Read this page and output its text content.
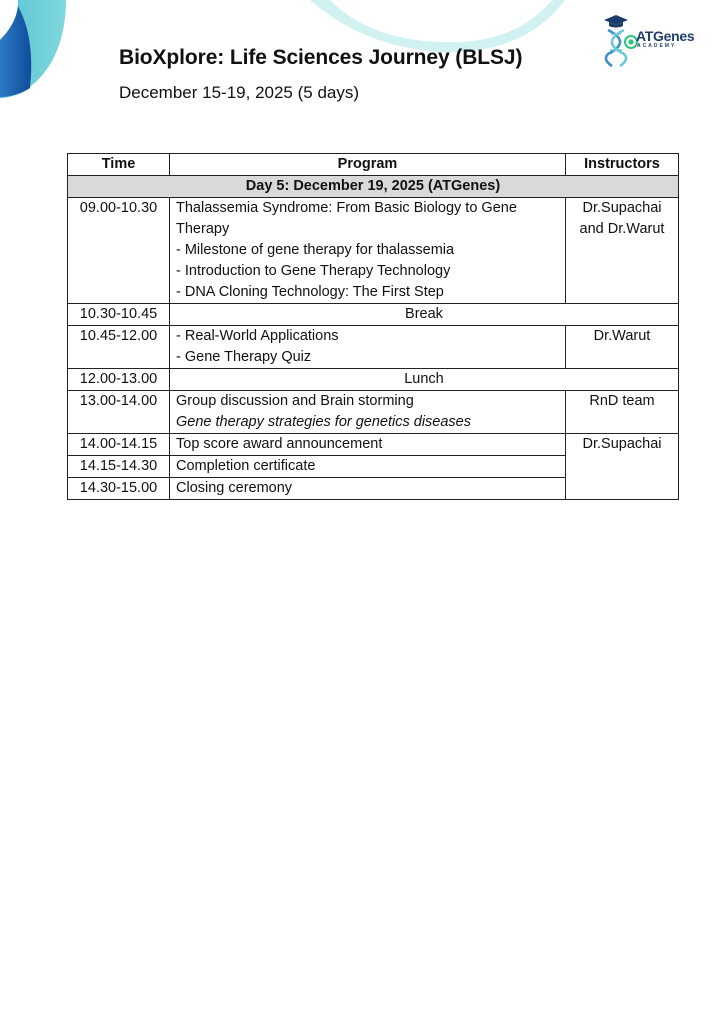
ATGenes
ACADEMY
BioXplore: Life Sciences Journey (BLSJ)

December 15-19, 2025 (5 days)

Time	Program	Instructors
Day 5: December 19, 2025 (ATGenes)		
09.00-10.30	Thalassemia Syndrome: From Basic Biology to Gene
Therapy
- Milestone of gene therapy for thalassemia
- Introduction to Gene Therapy Technology
- DNA Cloning Technology: The First Step	Dr.Supachai
and Dr.Warut

10.30-10.45	Break	
10.45-12.00	- Real-World Applications
- Gene Therapy Quiz	Dr.Warut

12.00-13.00	Lunch	
13.00-14.00	Group discussion and Brain storming
Gene therapy strategies for genetics diseases	RnD team

14.00-14.15	Top score award announcement	Dr.Supachai

14.15-14.30	Completion certificate	

14.30-15.00	Closing ceremony	
